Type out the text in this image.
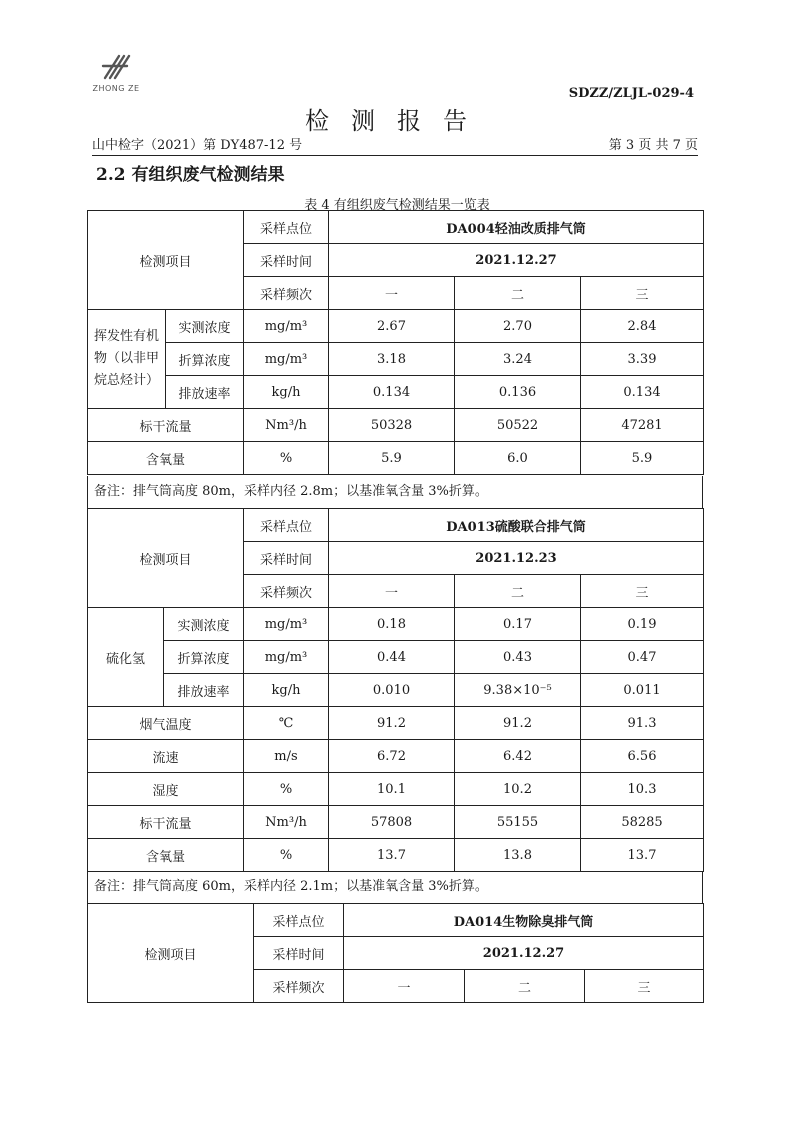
ZHONG ZE	SDZZ/ZLJL-029-4
检测报告
山中检字（2021）第 DY487-12 号	第 3 页 共 7 页
2.2 有组织废气检测结果
表 4 有组织废气检测结果一览表
检测项目		采样点位	DA004轻油改质排气筒		
		采样时间	2021.12.27		
		采样频次	一	二	三
挥发性有机物（以非甲烷总烃计）	实测浓度	mg/m³	2.67	2.70	2.84
	折算浓度	mg/m³	3.18	3.24	3.39
	排放速率	kg/h	0.134	0.136	0.134
标干流量		Nm³/h	50328	50522	47281
含氧量		%	5.9	6.0	5.9
备注：排气筒高度 80m，采样内径 2.8m；以基准氧含量 3%折算。
检测项目		采样点位	DA013硫酸联合排气筒		
		采样时间	2021.12.23		
		采样频次	一	二	三
硫化氢	实测浓度	mg/m³	0.18	0.17	0.19
	折算浓度	mg/m³	0.44	0.43	0.47
	排放速率	kg/h	0.010	9.38×10⁻⁵	0.011
烟气温度		℃	91.2	91.2	91.3
流速		m/s	6.72	6.42	6.56
湿度		%	10.1	10.2	10.3
标干流量		Nm³/h	57808	55155	58285
含氧量		%	13.7	13.8	13.7
备注：排气筒高度 60m，采样内径 2.1m；以基准氧含量 3%折算。
检测项目	采样点位	DA014生物除臭排气筒		
	采样时间	2021.12.27		
	采样频次	一	二	三
